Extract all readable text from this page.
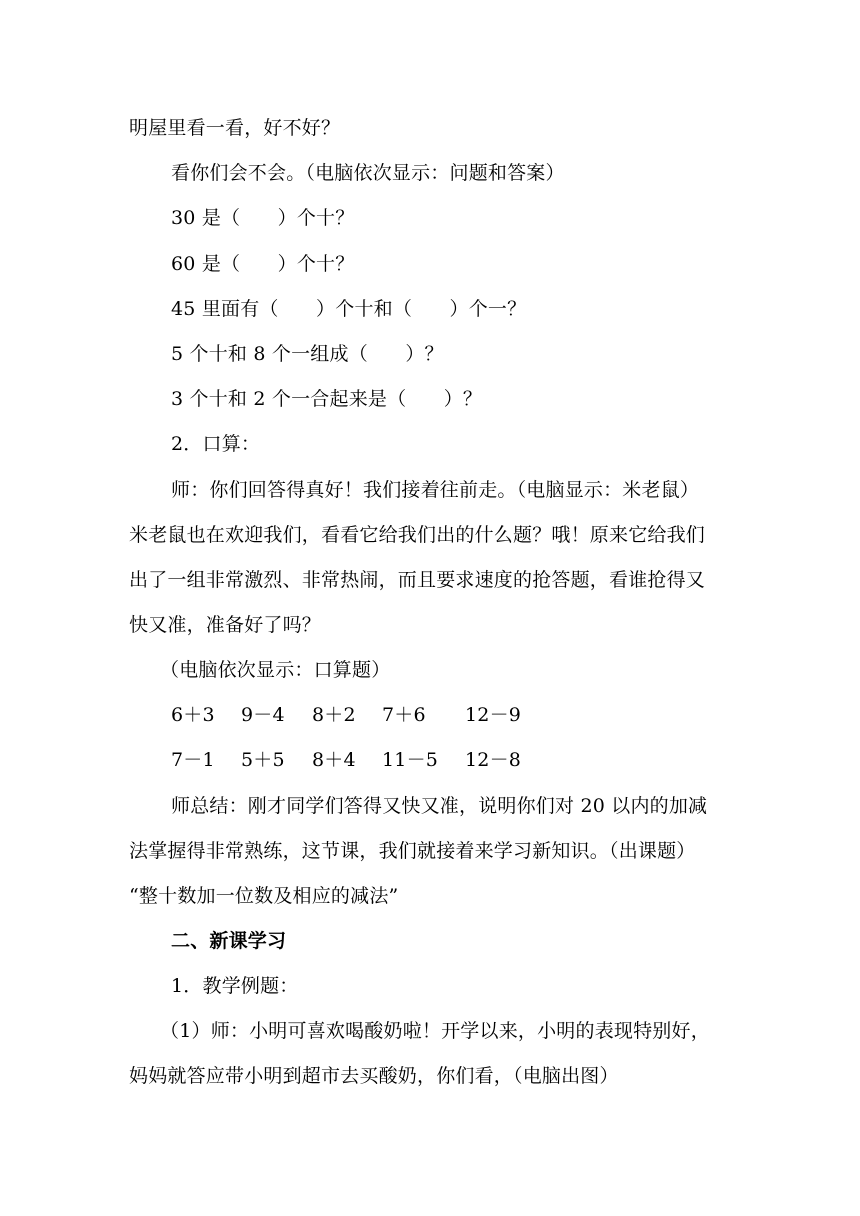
明屋里看一看，好不好？
看你们会不会。（电脑依次显示：问题和答案）
30 是（      ）个十？
60 是（      ）个十？
45 里面有（      ）个十和（      ）个一？
5 个十和 8 个一组成（      ）？
3 个十和 2 个一合起来是（      ）？
2．口算：
师：你们回答得真好！我们接着往前走。（电脑显示：米老鼠）
米老鼠也在欢迎我们，看看它给我们出的什么题？哦！原来它给我们
出了一组非常激烈、非常热闹，而且要求速度的抢答题，看谁抢得又
快又准，准备好了吗？
（电脑依次显示：口算题）

6＋3

9－4

8＋2

7＋6

12－9

7－1

5＋5

8＋4

11－5

12－8

师总结：刚才同学们答得又快又准，说明你们对 20 以内的加减
法掌握得非常熟练，这节课，我们就接着来学习新知识。（出课题）
“整十数加一位数及相应的减法”
二、新课学习
1．教学例题：
（1）师：小明可喜欢喝酸奶啦！开学以来，小明的表现特别好，
妈妈就答应带小明到超市去买酸奶，你们看，（电脑出图）
